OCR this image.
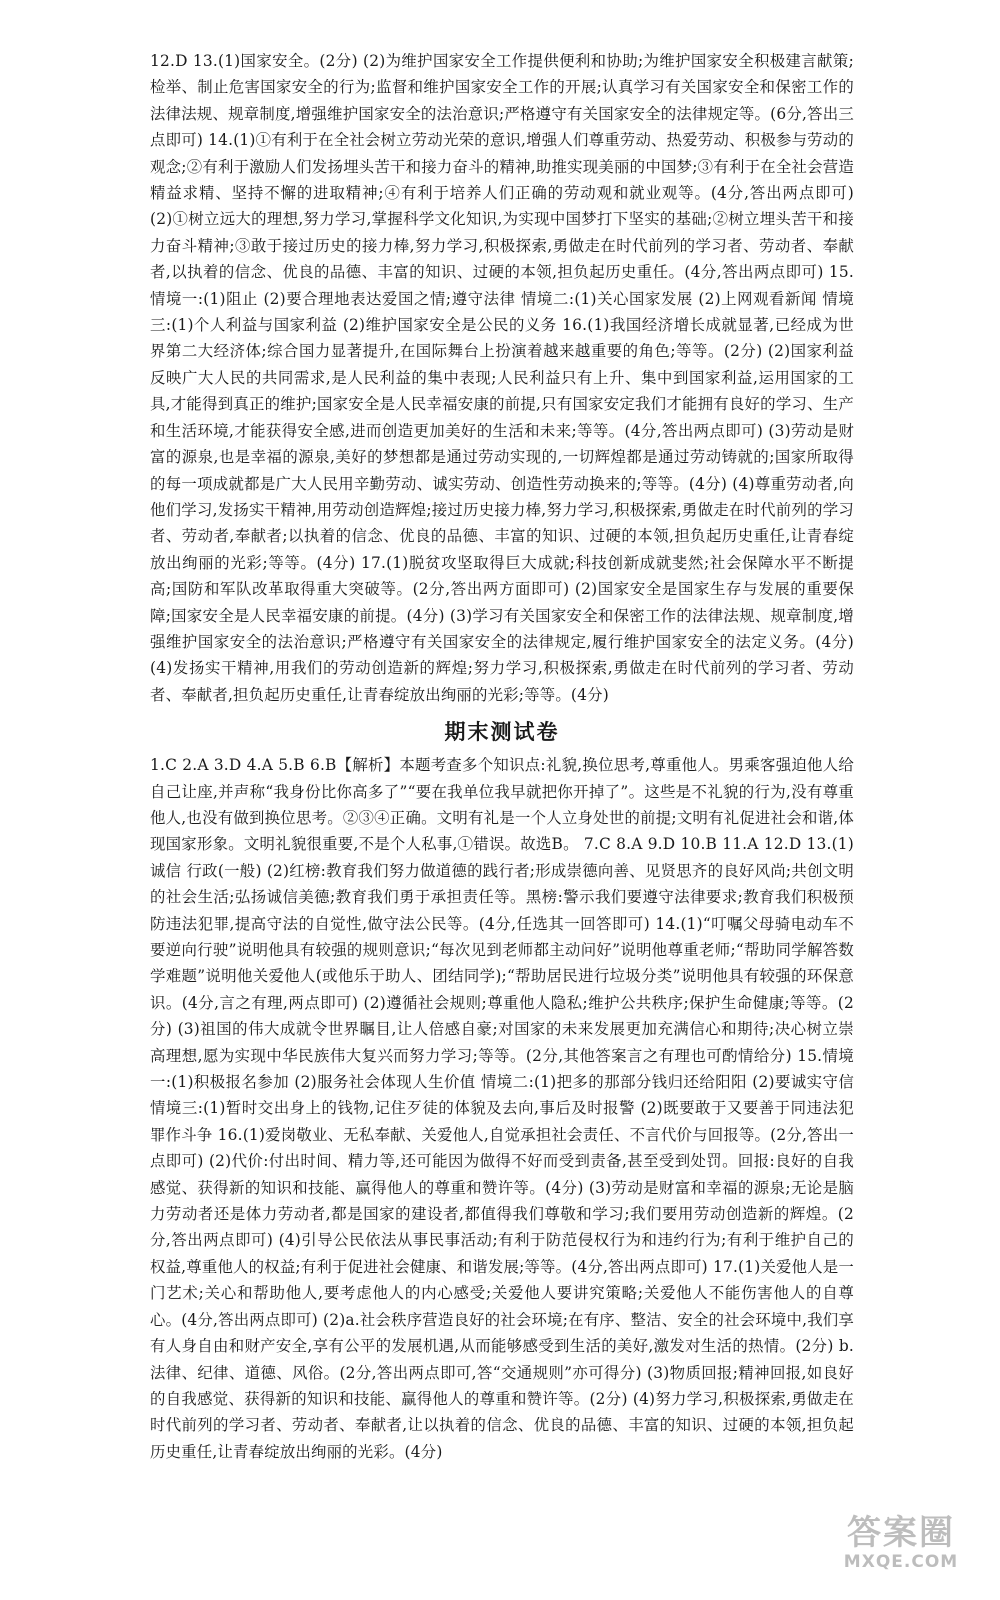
12.D 13.(1)国家安全。(2分) (2)为维护国家安全工作提供便利和协助;为维护国家安全积极建言献策;检举、制止危害国家安全的行为;监督和维护国家安全工作的开展;认真学习有关国家安全和保密工作的法律法规、规章制度,增强维护国家安全的法治意识;严格遵守有关国家安全的法律规定等。(6分,答出三点即可) 14.(1)①有利于在全社会树立劳动光荣的意识,增强人们尊重劳动、热爱劳动、积极参与劳动的观念;②有利于激励人们发扬埋头苦干和接力奋斗的精神,助推实现美丽的中国梦;③有利于在全社会营造精益求精、坚持不懈的进取精神;④有利于培养人们正确的劳动观和就业观等。(4分,答出两点即可) (2)①树立远大的理想,努力学习,掌握科学文化知识,为实现中国梦打下坚实的基础;②树立埋头苦干和接力奋斗精神;③敢于接过历史的接力棒,努力学习,积极探索,勇做走在时代前列的学习者、劳动者、奉献者,以执着的信念、优良的品德、丰富的知识、过硬的本领,担负起历史重任。(4分,答出两点即可) 15.情境一:(1)阻止 (2)要合理地表达爱国之情;遵守法律 情境二:(1)关心国家发展 (2)上网观看新闻 情境三:(1)个人利益与国家利益 (2)维护国家安全是公民的义务 16.(1)我国经济增长成就显著,已经成为世界第二大经济体;综合国力显著提升,在国际舞台上扮演着越来越重要的角色;等等。(2分) (2)国家利益反映广大人民的共同需求,是人民利益的集中表现;人民利益只有上升、集中到国家利益,运用国家的工具,才能得到真正的维护;国家安全是人民幸福安康的前提,只有国家安定我们才能拥有良好的学习、生产和生活环境,才能获得安全感,进而创造更加美好的生活和未来;等等。(4分,答出两点即可) (3)劳动是财富的源泉,也是幸福的源泉,美好的梦想都是通过劳动实现的,一切辉煌都是通过劳动铸就的;国家所取得的每一项成就都是广大人民用辛勤劳动、诚实劳动、创造性劳动换来的;等等。(4分) (4)尊重劳动者,向他们学习,发扬实干精神,用劳动创造辉煌;接过历史接力棒,努力学习,积极探索,勇做走在时代前列的学习者、劳动者,奉献者;以执着的信念、优良的品德、丰富的知识、过硬的本领,担负起历史重任,让青春绽放出绚丽的光彩;等等。(4分) 17.(1)脱贫攻坚取得巨大成就;科技创新成就斐然;社会保障水平不断提高;国防和军队改革取得重大突破等。(2分,答出两方面即可) (2)国家安全是国家生存与发展的重要保障;国家安全是人民幸福安康的前提。(4分) (3)学习有关国家安全和保密工作的法律法规、规章制度,增强维护国家安全的法治意识;严格遵守有关国家安全的法律规定,履行维护国家安全的法定义务。(4分) (4)发扬实干精神,用我们的劳动创造新的辉煌;努力学习,积极探索,勇做走在时代前列的学习者、劳动者、奉献者,担负起历史重任,让青春绽放出绚丽的光彩;等等。(4分)

期末测试卷

1.C 2.A 3.D 4.A 5.B 6.B【解析】本题考查多个知识点:礼貌,换位思考,尊重他人。男乘客强迫他人给自己让座,并声称“我身份比你高多了”“要在我单位我早就把你开掉了”。这些是不礼貌的行为,没有尊重他人,也没有做到换位思考。②③④正确。文明有礼是一个人立身处世的前提;文明有礼促进社会和谐,体现国家形象。文明礼貌很重要,不是个人私事,①错误。故选B。 7.C 8.A 9.D 10.B 11.A 12.D 13.(1)诚信 行政(一般) (2)红榜:教育我们努力做道德的践行者;形成崇德向善、见贤思齐的良好风尚;共创文明的社会生活;弘扬诚信美德;教育我们勇于承担责任等。黑榜:警示我们要遵守法律要求;教育我们积极预防违法犯罪,提高守法的自觉性,做守法公民等。(4分,任选其一回答即可) 14.(1)“叮嘱父母骑电动车不要逆向行驶”说明他具有较强的规则意识;“每次见到老师都主动问好”说明他尊重老师;“帮助同学解答数学难题”说明他关爱他人(或他乐于助人、团结同学);“帮助居民进行垃圾分类”说明他具有较强的环保意识。(4分,言之有理,两点即可) (2)遵循社会规则;尊重他人隐私;维护公共秩序;保护生命健康;等等。(2分) (3)祖国的伟大成就令世界瞩目,让人倍感自豪;对国家的未来发展更加充满信心和期待;决心树立崇高理想,愿为实现中华民族伟大复兴而努力学习;等等。(2分,其他答案言之有理也可酌情给分) 15.情境一:(1)积极报名参加 (2)服务社会体现人生价值 情境二:(1)把多的那部分钱归还给阳阳 (2)要诚实守信 情境三:(1)暂时交出身上的钱物,记住歹徒的体貌及去向,事后及时报警 (2)既要敢于又要善于同违法犯罪作斗争 16.(1)爱岗敬业、无私奉献、关爱他人,自觉承担社会责任、不言代价与回报等。(2分,答出一点即可) (2)代价:付出时间、精力等,还可能因为做得不好而受到责备,甚至受到处罚。回报:良好的自我感觉、获得新的知识和技能、赢得他人的尊重和赞许等。(4分) (3)劳动是财富和幸福的源泉;无论是脑力劳动者还是体力劳动者,都是国家的建设者,都值得我们尊敬和学习;我们要用劳动创造新的辉煌。(2分,答出两点即可) (4)引导公民依法从事民事活动;有利于防范侵权行为和违约行为;有利于维护自己的权益,尊重他人的权益;有利于促进社会健康、和谐发展;等等。(4分,答出两点即可) 17.(1)关爱他人是一门艺术;关心和帮助他人,要考虑他人的内心感受;关爱他人要讲究策略;关爱他人不能伤害他人的自尊心。(4分,答出两点即可) (2)a.社会秩序营造良好的社会环境;在有序、整洁、安全的社会环境中,我们享有人身自由和财产安全,享有公平的发展机遇,从而能够感受到生活的美好,激发对生活的热情。(2分) b.法律、纪律、道德、风俗。(2分,答出两点即可,答“交通规则”亦可得分) (3)物质回报;精神回报,如良好的自我感觉、获得新的知识和技能、赢得他人的尊重和赞许等。(2分) (4)努力学习,积极探索,勇做走在时代前列的学习者、劳动者、奉献者,让以执着的信念、优良的品德、丰富的知识、过硬的本领,担负起历史重任,让青春绽放出绚丽的光彩。(4分)

答案圈
MXQE.COM
